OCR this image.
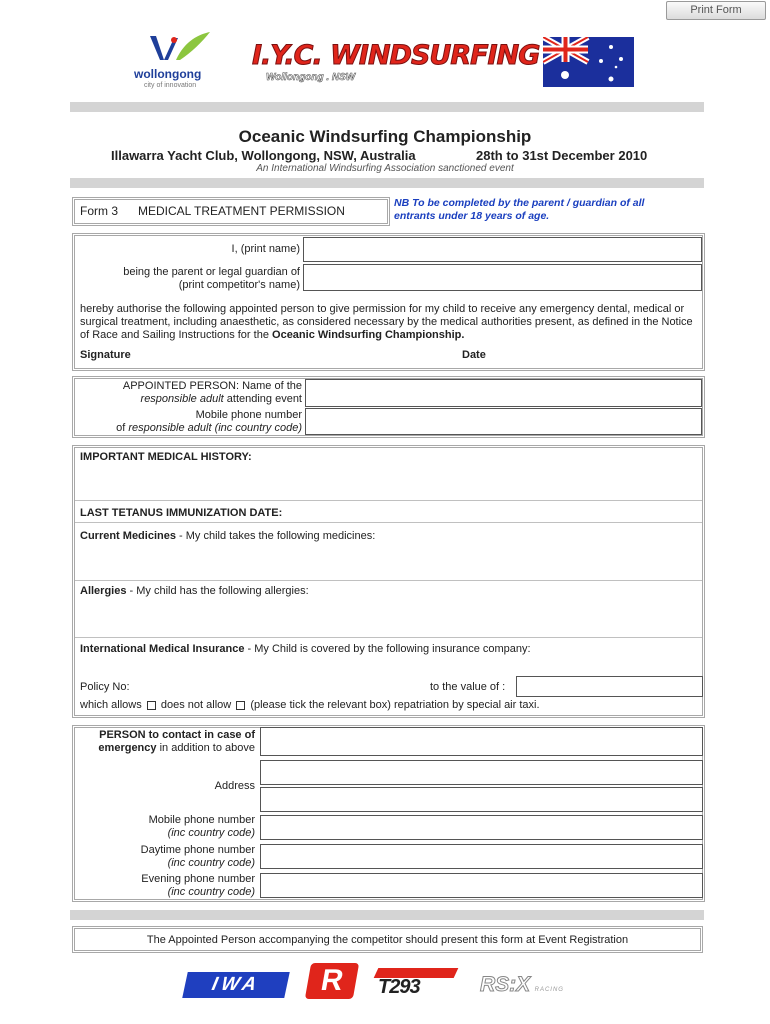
Print Form
wollongong
city of innovation
I.Y.C. WINDSURFING
Wollongong . NSW
Oceanic Windsurfing Championship
Illawarra Yacht Club, Wollongong, NSW, Australia	28th to 31st December 2010
An International Windsurfing Association sanctioned event
Form 3 MEDICAL TREATMENT PERMISSION
NB To be completed by the parent / guardian of all entrants under 18 years of age.
I, (print name)
being the parent or legal guardian of
(print competitor's name)
hereby authorise the following appointed person to give permission for my child to receive any emergency dental, medical or surgical treatment, including anaesthetic, as considered necessary by the medical authorities present, as defined in the Notice of Race and Sailing Instructions for the Oceanic Windsurfing Championship.
Signature	Date
APPOINTED PERSON: Name of the
responsible adult attending event
Mobile phone number
of responsible adult (inc country code)
IMPORTANT MEDICAL HISTORY:
LAST TETANUS IMMUNIZATION DATE:
Current Medicines - My child takes the following medicines:
Allergies - My child has the following allergies:
International Medical Insurance - My Child is covered by the following insurance company:
Policy No:	to the value of :
which allows does not allow (please tick the relevant box) repatriation by special air taxi.
PERSON to contact in case of
emergency in addition to above
Address
Mobile phone number
(inc country code)
Daytime phone number
(inc country code)
Evening phone number
(inc country code)
The Appointed Person accompanying the competitor should present this form at Event Registration
IWA	R	T293	RS:X RACING
